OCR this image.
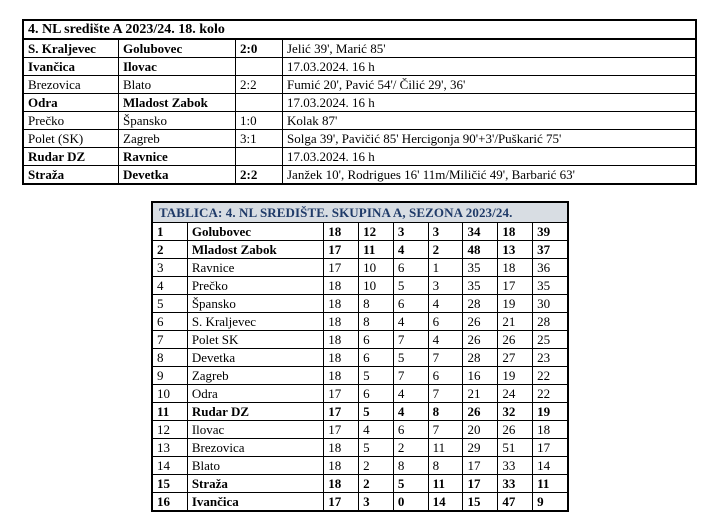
4. NL središte A 2023/24. 18. kolo			
S. Kraljevec	Golubovec	2:0	Jelić 39', Marić 85'
Ivančica	Ilovac		17.03.2024. 16 h
Brezovica	Blato	2:2	Fumić 20', Pavić 54'/ Čilić 29', 36'
Odra	Mladost Zabok		17.03.2024. 16 h
Prečko	Špansko	1:0	Kolak 87'
Polet (SK)	Zagreb	3:1	Solga 39', Pavičić 85' Hercigonja 90'+3'/Puškarić 75'
Rudar DZ	Ravnice		17.03.2024. 16 h
Straža	Devetka	2:2	Janžek 10', Rodrigues 16' 11m/Miličić 49', Barbarić 63'
TABLICA: 4. NL SREDIŠTE. SKUPINA A, SEZONA 2023/24.								
1	Golubovec	18	12	3	3	34	18	39
2	Mladost Zabok	17	11	4	2	48	13	37
3	Ravnice	17	10	6	1	35	18	36
4	Prečko	18	10	5	3	35	17	35
5	Špansko	18	8	6	4	28	19	30
6	S. Kraljevec	18	8	4	6	26	21	28
7	Polet SK	18	6	7	4	26	26	25
8	Devetka	18	6	5	7	28	27	23
9	Zagreb	18	5	7	6	16	19	22
10	Odra	17	6	4	7	21	24	22
11	Rudar DZ	17	5	4	8	26	32	19
12	Ilovac	17	4	6	7	20	26	18
13	Brezovica	18	5	2	11	29	51	17
14	Blato	18	2	8	8	17	33	14
15	Straža	18	2	5	11	17	33	11
16	Ivančica	17	3	0	14	15	47	9
